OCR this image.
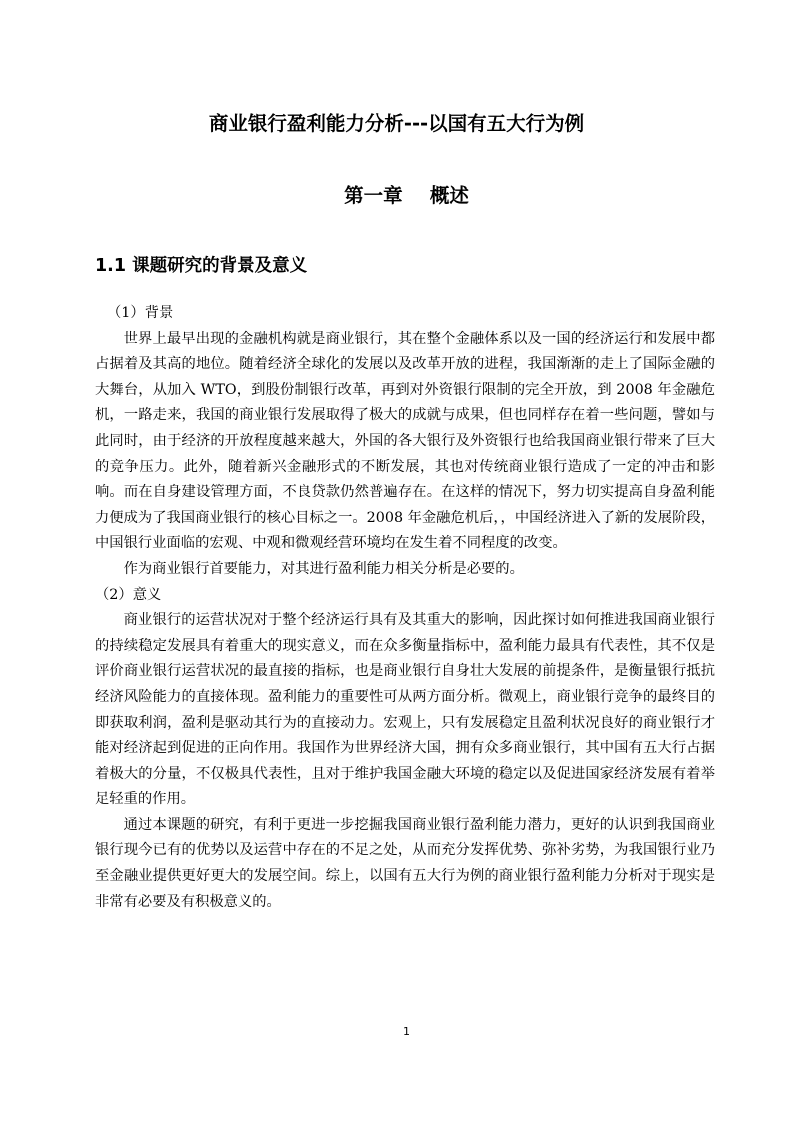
商业银行盈利能力分析---以国有五大行为例
第一章    概述
1.1 课题研究的背景及意义

（1）背景

世界上最早出现的金融机构就是商业银行，其在整个金融体系以及一国的经济运行和发展中都占据着及其高的地位。随着经济全球化的发展以及改革开放的进程，我国渐渐的走上了国际金融的大舞台，从加入 WTO，到股份制银行改革，再到对外资银行限制的完全开放，到 2008 年金融危机，一路走来，我国的商业银行发展取得了极大的成就与成果，但也同样存在着一些问题，譬如与此同时，由于经济的开放程度越来越大，外国的各大银行及外资银行也给我国商业银行带来了巨大的竞争压力。此外，随着新兴金融形式的不断发展，其也对传统商业银行造成了一定的冲击和影响。而在自身建设管理方面，不良贷款仍然普遍存在。在这样的情况下，努力切实提高自身盈利能力便成为了我国商业银行的核心目标之一。2008 年金融危机后，，中国经济进入了新的发展阶段，中国银行业面临的宏观、中观和微观经营环境均在发生着不同程度的改变。

作为商业银行首要能力，对其进行盈利能力相关分析是必要的。

（2）意义

商业银行的运营状况对于整个经济运行具有及其重大的影响，因此探讨如何推进我国商业银行的持续稳定发展具有着重大的现实意义，而在众多衡量指标中，盈利能力最具有代表性，其不仅是评价商业银行运营状况的最直接的指标，也是商业银行自身壮大发展的前提条件，是衡量银行抵抗经济风险能力的直接体现。盈利能力的重要性可从两方面分析。微观上，商业银行竞争的最终目的即获取利润，盈利是驱动其行为的直接动力。宏观上，只有发展稳定且盈利状况良好的商业银行才能对经济起到促进的正向作用。我国作为世界经济大国，拥有众多商业银行，其中国有五大行占据着极大的分量，不仅极具代表性，且对于维护我国金融大环境的稳定以及促进国家经济发展有着举足轻重的作用。

通过本课题的研究，有利于更进一步挖掘我国商业银行盈利能力潜力，更好的认识到我国商业银行现今已有的优势以及运营中存在的不足之处，从而充分发挥优势、弥补劣势，为我国银行业乃至金融业提供更好更大的发展空间。综上，以国有五大行为例的商业银行盈利能力分析对于现实是非常有必要及有积极意义的。

1
